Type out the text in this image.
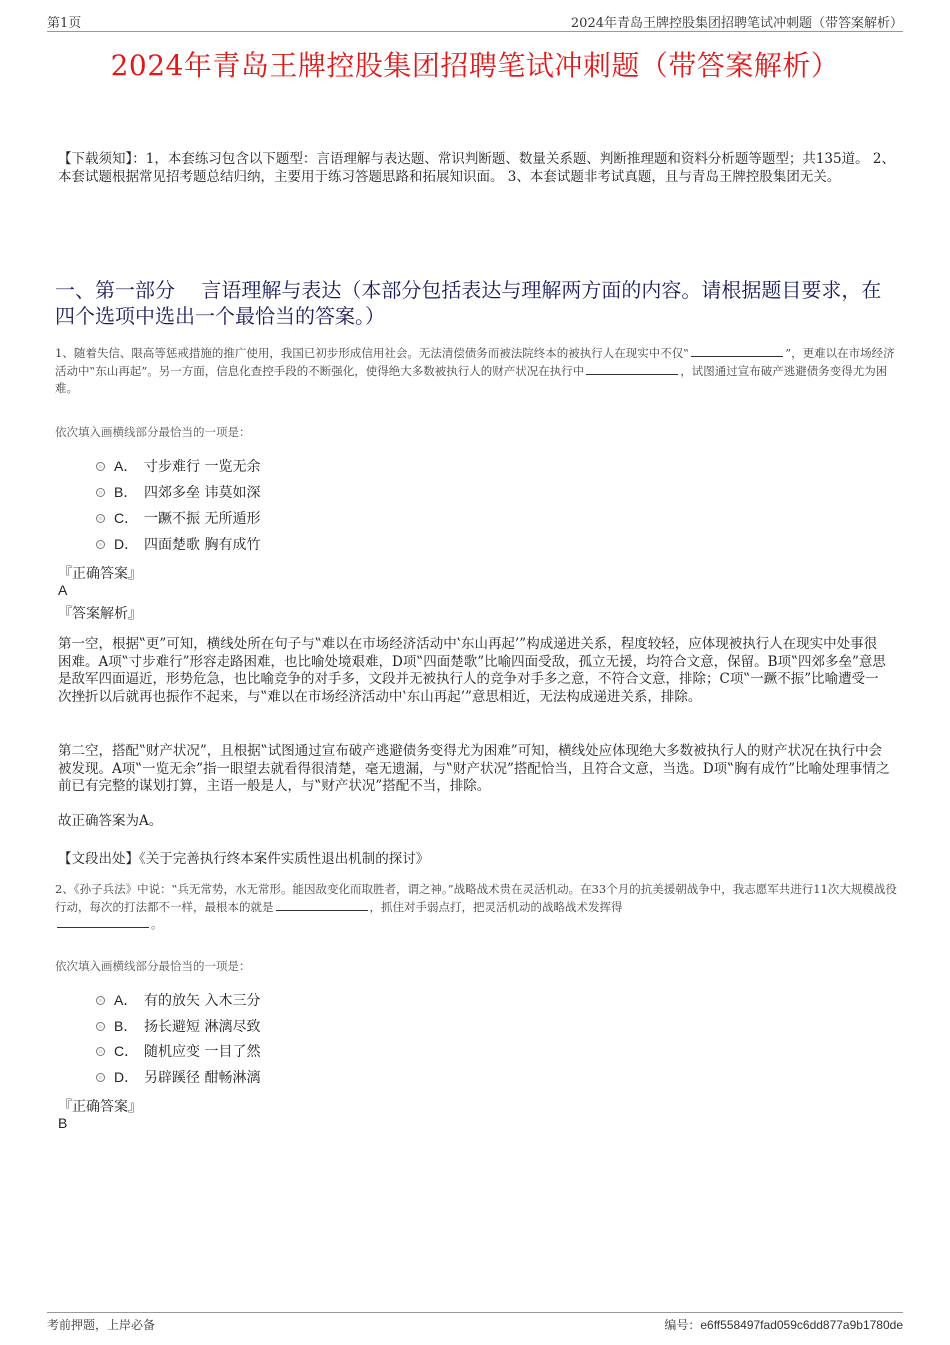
第1页	2024年青岛王牌控股集团招聘笔试冲刺题（带答案解析）
2024年青岛王牌控股集团招聘笔试冲刺题（带答案解析）
【下载须知】：1，本套练习包含以下题型：言语理解与表达题、常识判断题、数量关系题、判断推理题和资料分析题等题型；共135道。 2、本套试题根据常见招考题总结归纳，主要用于练习答题思路和拓展知识面。 3、本套试题非考试真题，且与青岛王牌控股集团无关。
一、第一部分　 言语理解与表达（本部分包括表达与理解两方面的内容。请根据题目要求，在四个选项中选出一个最恰当的答案。）
1、随着失信、限高等惩戒措施的推广使用，我国已初步形成信用社会。无法清偿债务而被法院终本的被执行人在现实中不仅‟	”，更难以在市场经济活动中‟东山再起”。另一方面，信息化查控手段的不断强化，使得绝大多数被执行人的财产状况在执行中	，试图通过宣布破产逃避债务变得尤为困难。
依次填入画横线部分最恰当的一项是：
A． 寸步难行 一览无余
B． 四郊多垒 讳莫如深
C． 一蹶不振 无所遁形
D． 四面楚歌 胸有成竹
『正确答案』
A
『答案解析』
第一空，根据‟更”可知，横线处所在句子与‟难以在市场经济活动中‛东山再起’”构成递进关系，程度较轻，应体现被执行人在现实中处事很困难。A项‟寸步难行”形容走路困难，也比喻处境艰难，D项‟四面楚歌”比喻四面受敌，孤立无援，均符合文意，保留。B项‟四郊多垒”意思是敌军四面逼近，形势危急，也比喻竞争的对手多，文段并无被执行人的竞争对手多之意，不符合文意，排除；C项‟一蹶不振”比喻遭受一次挫折以后就再也振作不起来，与‟难以在市场经济活动中‛东山再起’”意思相近，无法构成递进关系，排除。
第二空，搭配‟财产状况”，且根据‟试图通过宣布破产逃避债务变得尤为困难”可知，横线处应体现绝大多数被执行人的财产状况在执行中会被发现。A项‟一览无余”指一眼望去就看得很清楚，毫无遗漏，与‟财产状况”搭配恰当，且符合文意，当选。D项‟胸有成竹”比喻处理事情之前已有完整的谋划打算，主语一般是人，与‟财产状况”搭配不当，排除。
故正确答案为A。
【文段出处】《关于完善执行终本案件实质性退出机制的探讨》
2、《孙子兵法》中说：‟兵无常势，水无常形。能因敌变化而取胜者，谓之神。”战略战术贵在灵活机动。在33个月的抗美援朝战争中，我志愿军共进行11次大规模战役行动，每次的打法都不一样，最根本的就是	，抓住对手弱点打，把灵活机动的战略战术发挥得
。
依次填入画横线部分最恰当的一项是：
A． 有的放矢 入木三分
B． 扬长避短 淋漓尽致
C． 随机应变 一目了然
D． 另辟蹊径 酣畅淋漓
『正确答案』
B
考前押题，上岸必备	编号：e6ff558497fad059c6dd877a9b1780de
